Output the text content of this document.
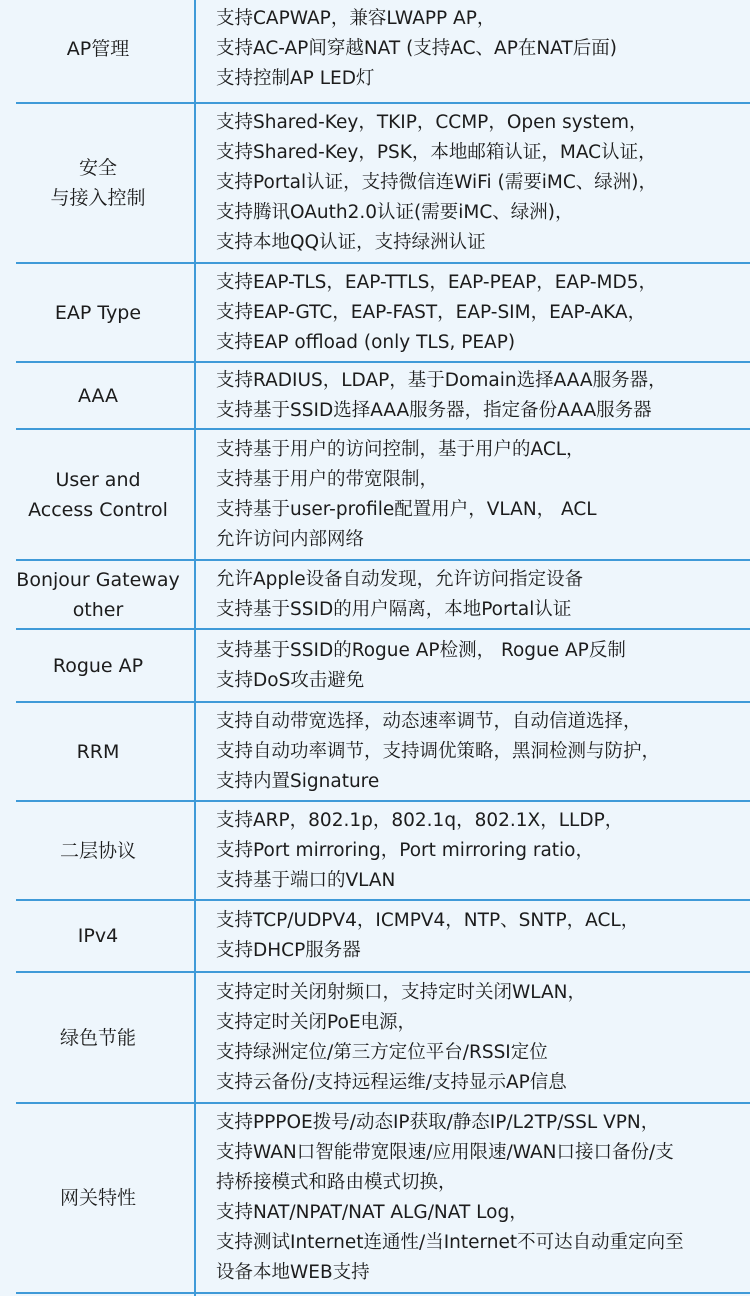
AP管理
支持CAPWAP，兼容LWAPP AP，
支持AC-AP间穿越NAT (支持AC、AP在NAT后面)
支持控制AP LED灯
安全
与接入控制
支持Shared-Key，TKIP，CCMP，Open system，
支持Shared-Key，PSK，本地邮箱认证，MAC认证，
支持Portal认证，支持微信连WiFi (需要iMC、绿洲)，
支持腾讯OAuth2.0认证(需要iMC、绿洲)，
支持本地QQ认证，支持绿洲认证
EAP Type
支持EAP-TLS，EAP-TTLS，EAP-PEAP，EAP-MD5，
支持EAP-GTC，EAP-FAST，EAP-SIM，EAP-AKA，
支持EAP offload (only TLS, PEAP)
AAA
支持RADIUS，LDAP，基于Domain选择AAA服务器，
支持基于SSID选择AAA服务器，指定备份AAA服务器
User and
Access Control
支持基于用户的访问控制，基于用户的ACL，
支持基于用户的带宽限制，
支持基于user-profile配置用户，VLAN， ACL
允许访问内部网络
Bonjour Gateway
other
允许Apple设备自动发现，允许访问指定设备
支持基于SSID的用户隔离，本地Portal认证
Rogue AP
支持基于SSID的Rogue AP检测， Rogue AP反制
支持DoS攻击避免
RRM
支持自动带宽选择，动态速率调节，自动信道选择，
支持自动功率调节，支持调优策略，黑洞检测与防护，
支持内置Signature
二层协议
支持ARP，802.1p，802.1q，802.1X，LLDP，
支持Port mirroring，Port mirroring ratio，
支持基于端口的VLAN
IPv4
支持TCP/UDPV4，ICMPV4，NTP、SNTP，ACL，
支持DHCP服务器
绿色节能
支持定时关闭射频口，支持定时关闭WLAN，
支持定时关闭PoE电源，
支持绿洲定位/第三方定位平台/RSSI定位
支持云备份/支持远程运维/支持显示AP信息
网关特性
支持PPPOE拨号/动态IP获取/静态IP/L2TP/SSL VPN，
支持WAN口智能带宽限速/应用限速/WAN口接口备份/支
持桥接模式和路由模式切换，
支持NAT/NPAT/NAT ALG/NAT Log，
支持测试Internet连通性/当Internet不可达自动重定向至
设备本地WEB支持
